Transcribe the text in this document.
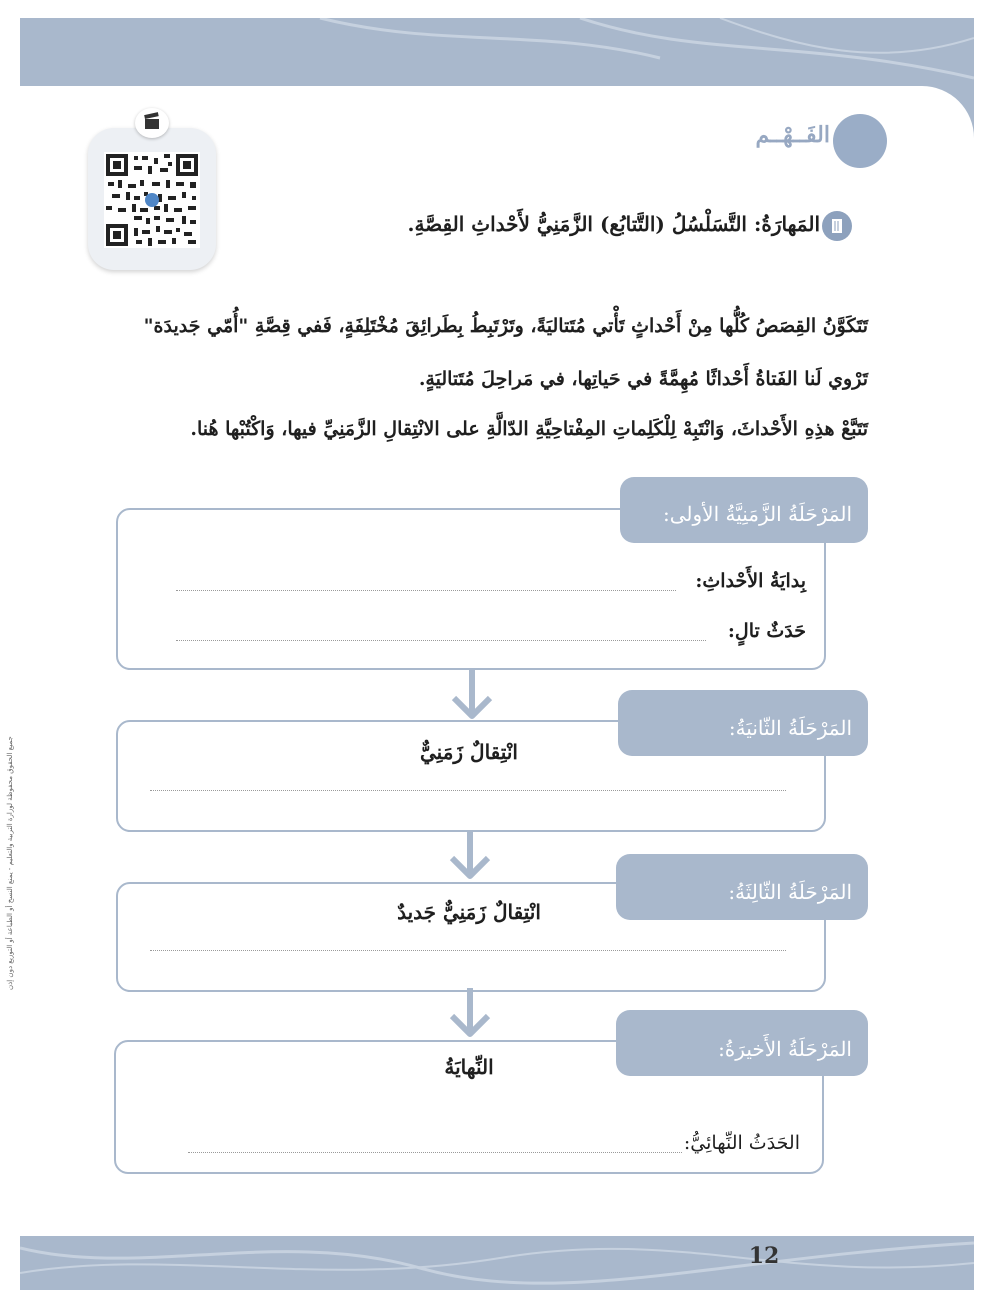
جميع الحقوق محفوظة لوزارة التربية والتعليم - يمنع النسخ أو الطباعة أو التوزيع دون إذن
12
الفَــهْــم
المَهارَةُ: التَّسَلْسُلُ (التَّتابُع) الزَّمَنِيُّ لأَحْداثِ القِصَّةِ.
تَتَكَوَّنُ القِصَصُ كُلُّها مِنْ أَحْداثٍ تَأْتي مُتَتاليَةً، وتَرْتَبِطُ بِطَرائِقَ مُخْتَلِفَةٍ، فَفي قِصَّةِ "أُمّي جَديدَة"
تَرْوي لَنا الفَتاةُ أَحْداثًا مُهِمَّةً في حَياتِها، في مَراحِلَ مُتَتاليَةٍ.
تَتَبَّعْ هذِهِ الأَحْداثَ، وَانْتَبِهْ لِلْكَلِماتِ المِفْتاحِيَّةِ الدّالَّةِ على الانْتِقالِ الزَّمَنِيِّ فيها، وَاكْتُبْها هُنا.
المَرْحَلَةُ الزَّمَنِيَّةُ الأولى:
بِدايَةُ الأَحْداثِ:
حَدَثٌ تالٍ:
المَرْحَلَةُ الثّانيَةُ:
انْتِقالٌ زَمَنِيٌّ
المَرْحَلَةُ الثّالِثَةُ:
انْتِقالٌ زَمَنِيٌّ جَديدٌ
المَرْحَلَةُ الأَخيرَةُ:
النِّهايَةُ
الحَدَثُ النِّهائِيُّ:
